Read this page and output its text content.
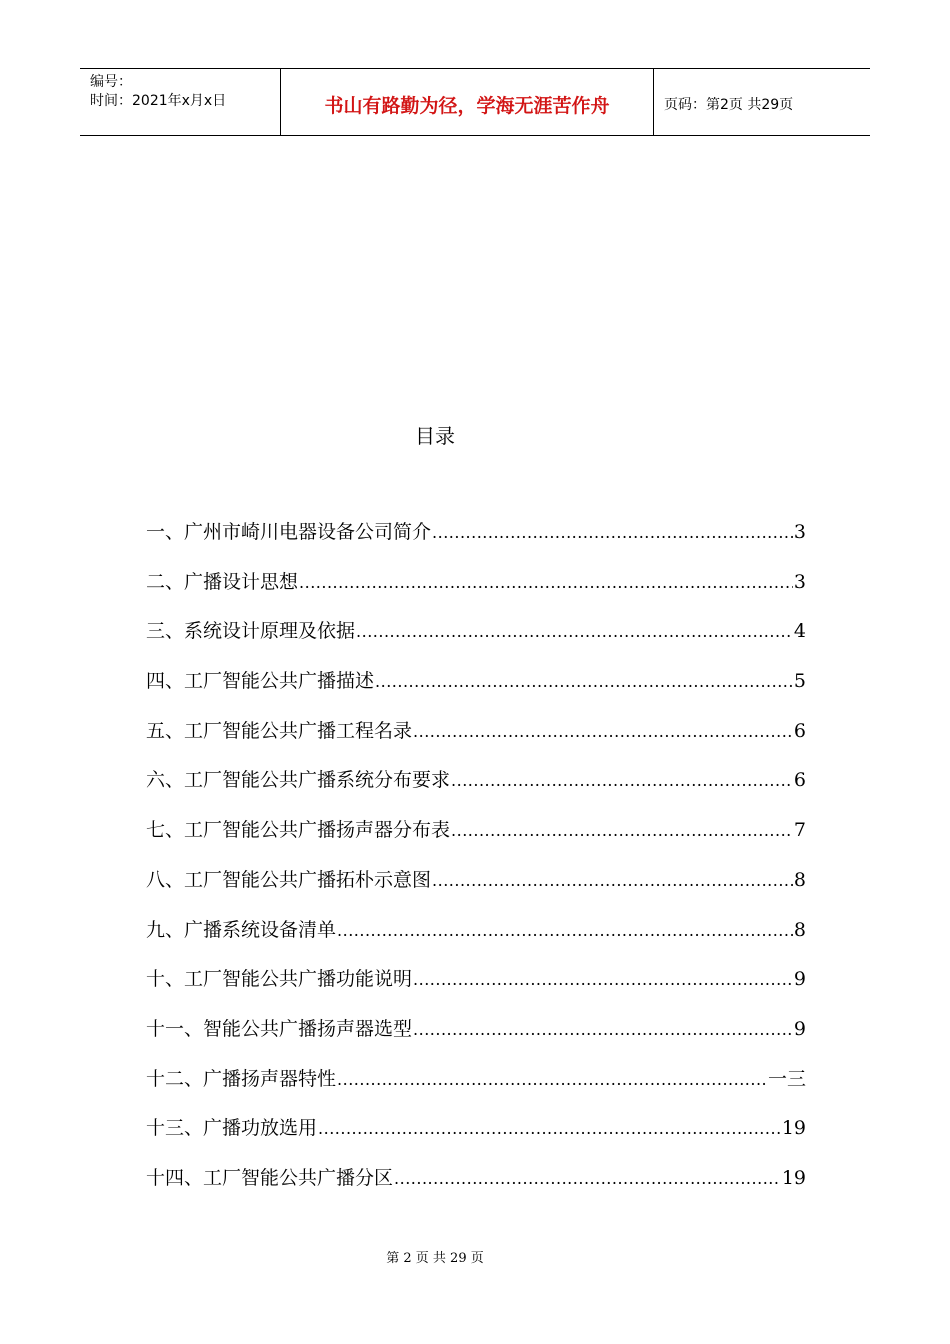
编号：
时间：2021年x月x日	书山有路勤为径，学海无涯苦作舟	页码：第2页 共29页
目录
一、广州市崎川电器设备公司简介 .....	3
二、广播设计思想 .....	3
三、系统设计原理及依据 .....	4
四、工厂智能公共广播描述 .....	5
五、工厂智能公共广播工程名录 .....	6
六、工厂智能公共广播系统分布要求 .....	6
七、工厂智能公共广播扬声器分布表 .....	7
八、工厂智能公共广播拓朴示意图 .....	8
九、广播系统设备清单 .....	8
十、工厂智能公共广播功能说明 .....	9
十一、智能公共广播扬声器选型 .....	9
十二、广播扬声器特性 .....	一三
十三、广播功放选用 .....	19
十四、工厂智能公共广播分区 .....	19
第 2 页 共 29 页
